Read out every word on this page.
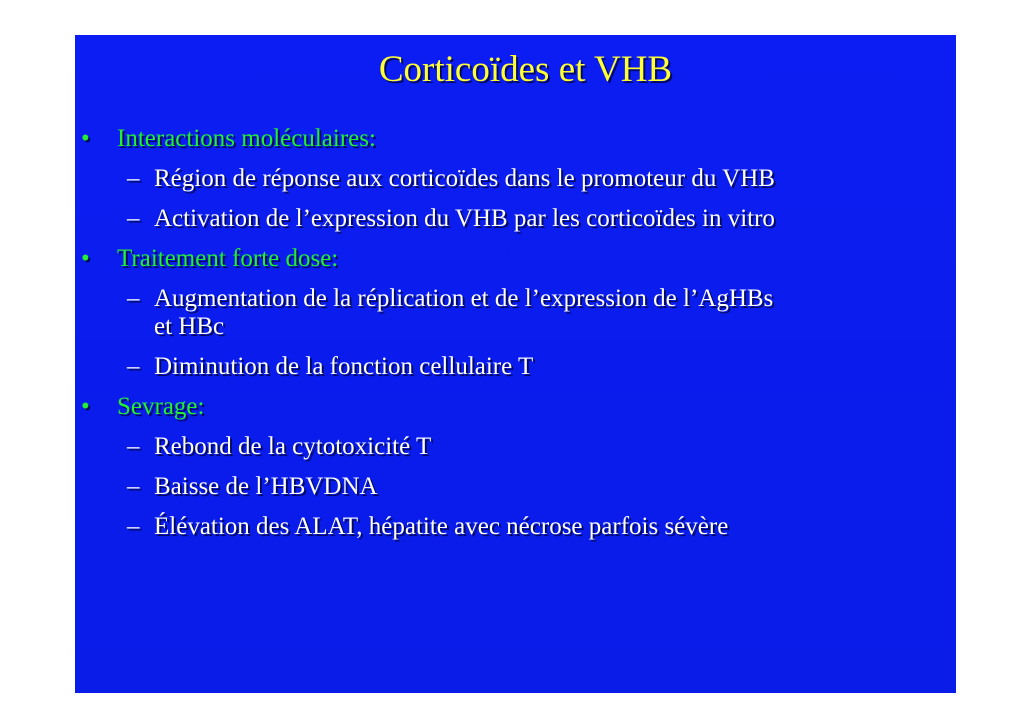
Corticoïdes et VHB
• Interactions moléculaires:
– Région de réponse aux corticoïdes dans le promoteur du VHB
– Activation de l’expression du VHB par les corticoïdes in vitro
• Traitement forte dose:
– Augmentation de la réplication et de l’expression de l’AgHBs
et HBc
– Diminution de la fonction cellulaire T
• Sevrage:
– Rebond de la cytotoxicité T
– Baisse de l’HBVDNA
– Élévation des ALAT, hépatite avec nécrose parfois sévère
